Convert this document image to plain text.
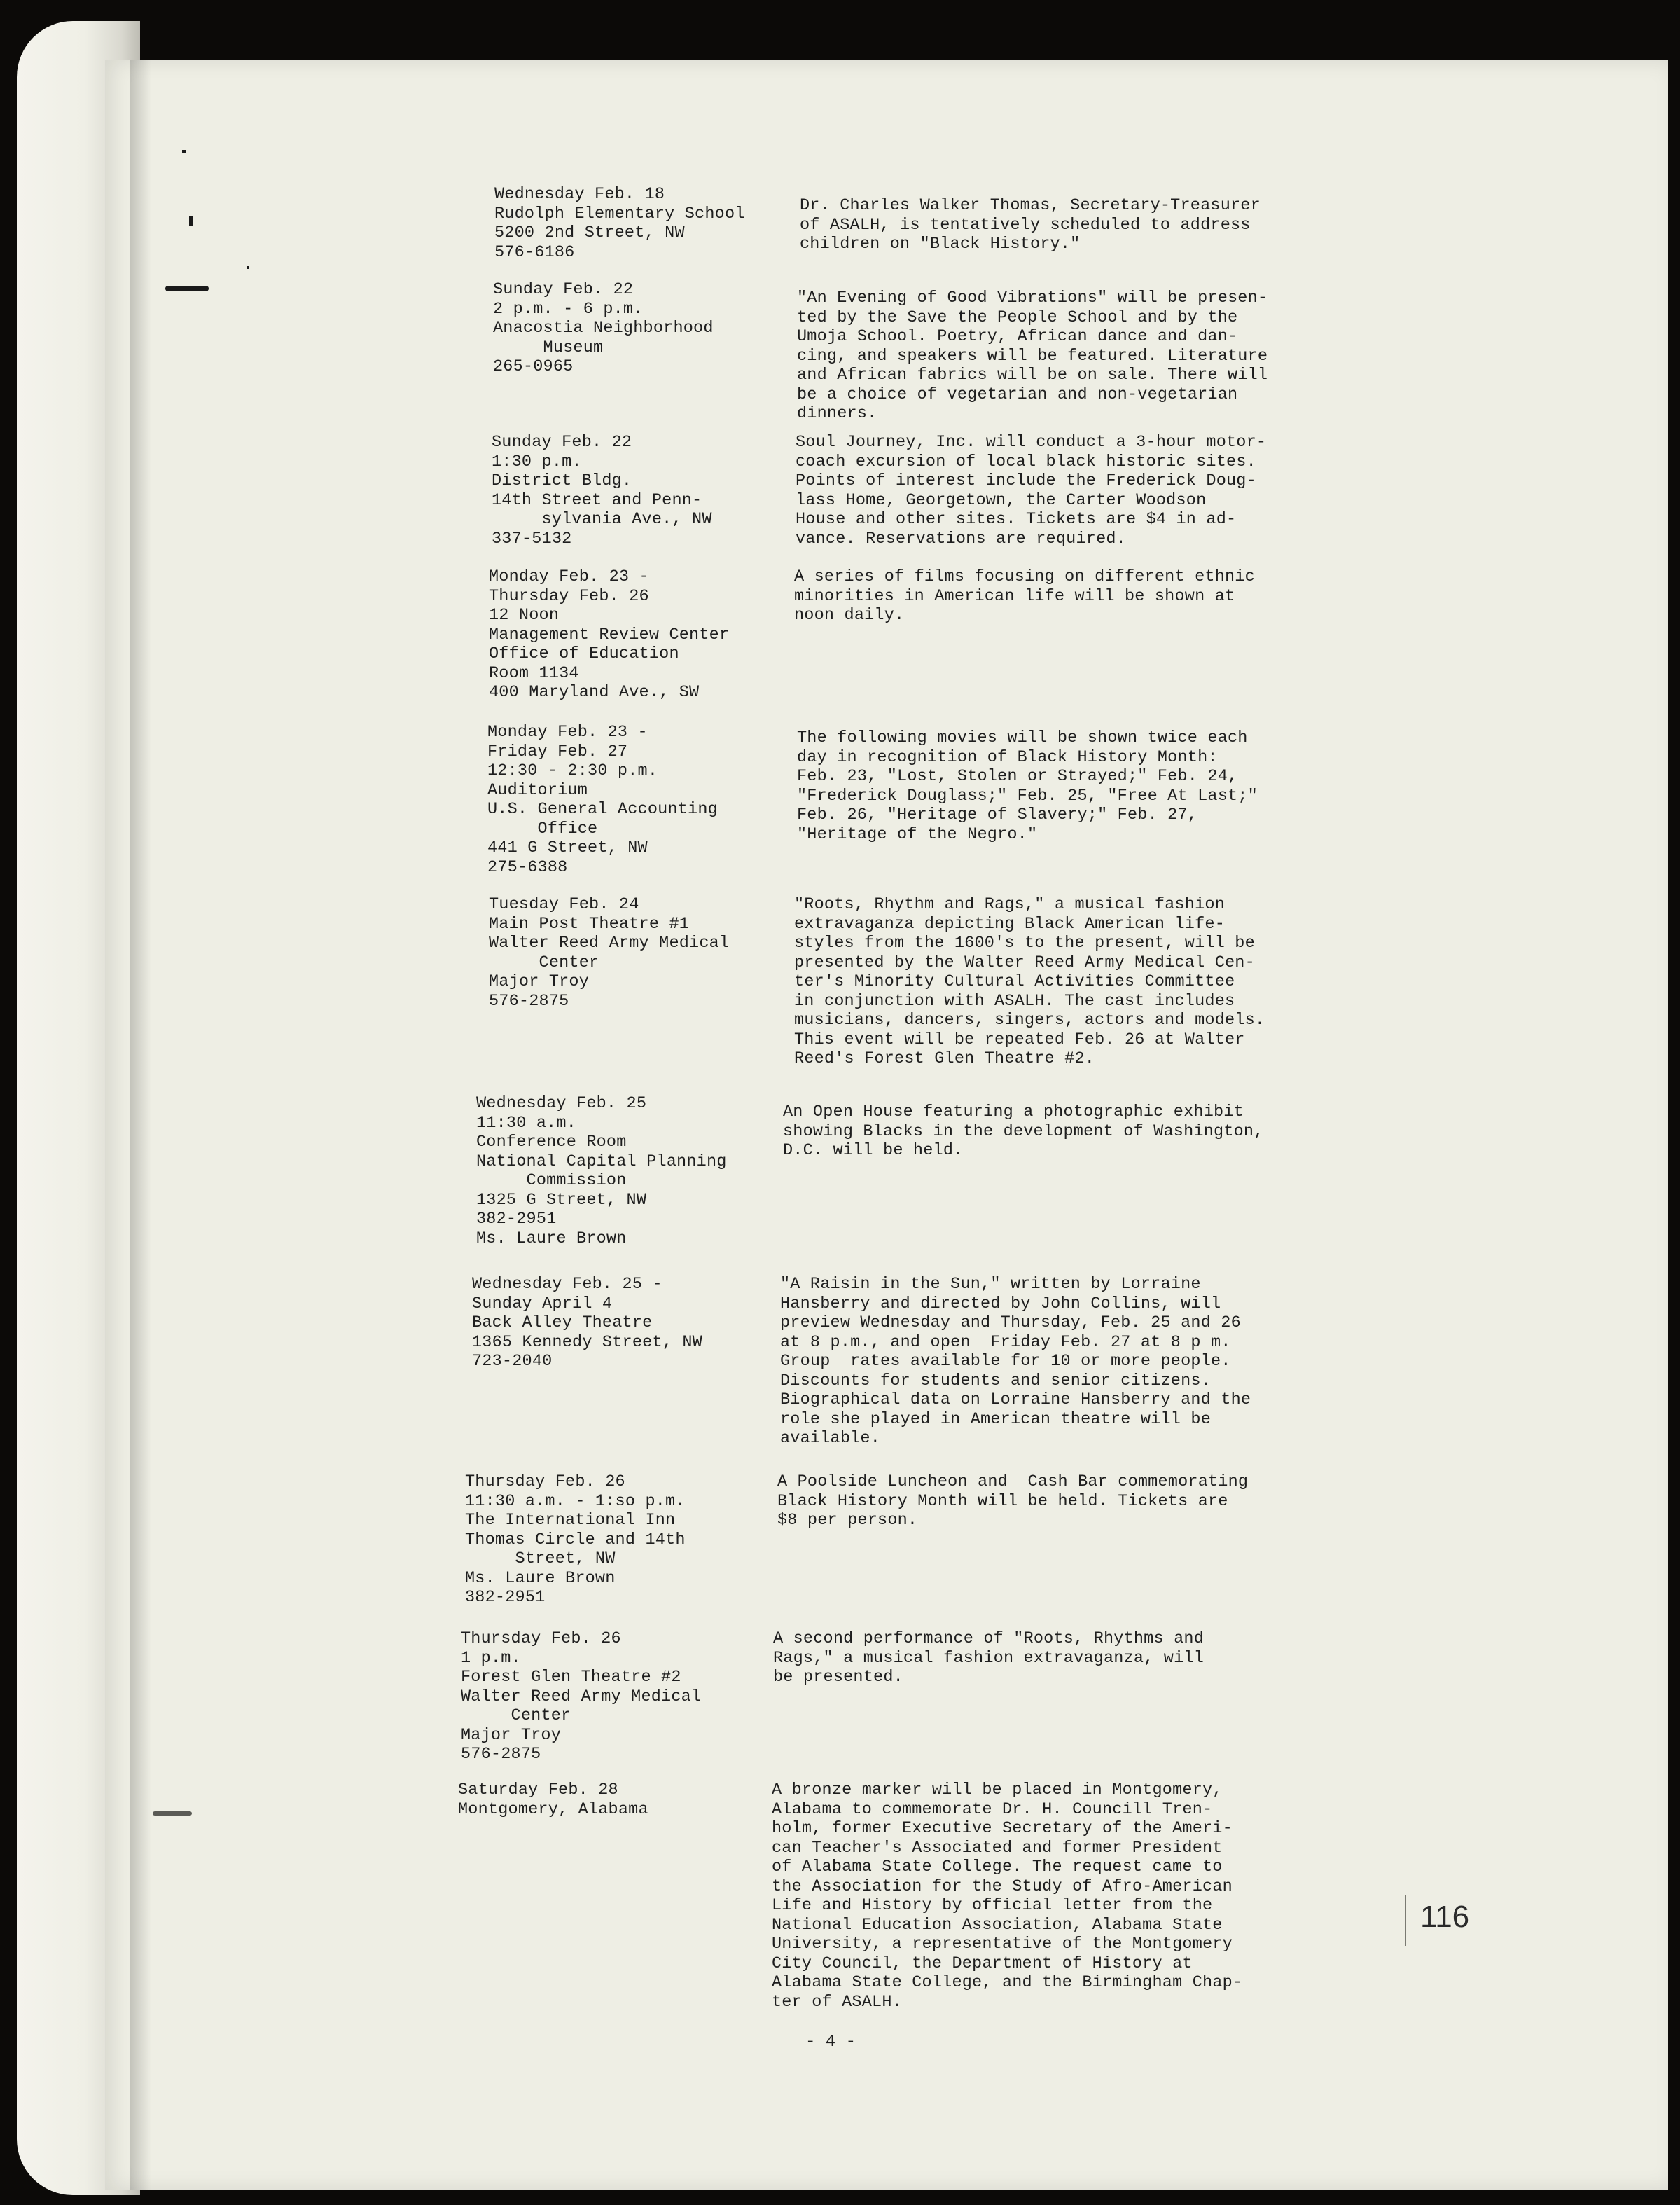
Wednesday Feb. 18
Rudolph Elementary School
5200 2nd Street, NW
576-6186
Dr. Charles Walker Thomas, Secretary-Treasurer
of ASALH, is tentatively scheduled to address
children on "Black History."
Sunday Feb. 22
2 p.m. - 6 p.m.
Anacostia Neighborhood
Museum
265-0965
"An Evening of Good Vibrations" will be presen-
ted by the Save the People School and by the
Umoja School. Poetry, African dance and dan-
cing, and speakers will be featured. Literature
and African fabrics will be on sale. There will
be a choice of vegetarian and non-vegetarian
dinners.
Sunday Feb. 22
1:30 p.m.
District Bldg.
14th Street and Penn-
sylvania Ave., NW
337-5132
Soul Journey, Inc. will conduct a 3-hour motor-
coach excursion of local black historic sites.
Points of interest include the Frederick Doug-
lass Home, Georgetown, the Carter Woodson
House and other sites. Tickets are $4 in ad-
vance. Reservations are required.
Monday Feb. 23 -
Thursday Feb. 26
12 Noon
Management Review Center
Office of Education
Room 1134
400 Maryland Ave., SW
A series of films focusing on different ethnic
minorities in American life will be shown at
noon daily.
Monday Feb. 23 -
Friday Feb. 27
12:30 - 2:30 p.m.
Auditorium
U.S. General Accounting
Office
441 G Street, NW
275-6388
The following movies will be shown twice each
day in recognition of Black History Month:
Feb. 23, "Lost, Stolen or Strayed;" Feb. 24,
"Frederick Douglass;" Feb. 25, "Free At Last;"
Feb. 26, "Heritage of Slavery;" Feb. 27,
"Heritage of the Negro."
Tuesday Feb. 24
Main Post Theatre #1
Walter Reed Army Medical
Center
Major Troy
576-2875
"Roots, Rhythm and Rags," a musical fashion
extravaganza depicting Black American life-
styles from the 1600's to the present, will be
presented by the Walter Reed Army Medical Cen-
ter's Minority Cultural Activities Committee
in conjunction with ASALH. The cast includes
musicians, dancers, singers, actors and models.
This event will be repeated Feb. 26 at Walter
Reed's Forest Glen Theatre #2.
Wednesday Feb. 25
11:30 a.m.
Conference Room
National Capital Planning
Commission
1325 G Street, NW
382-2951
Ms. Laure Brown
An Open House featuring a photographic exhibit
showing Blacks in the development of Washington,
D.C. will be held.
Wednesday Feb. 25 -
Sunday April 4
Back Alley Theatre
1365 Kennedy Street, NW
723-2040
"A Raisin in the Sun," written by Lorraine
Hansberry and directed by John Collins, will
preview Wednesday and Thursday, Feb. 25 and 26
at 8 p.m., and open  Friday Feb. 27 at 8 p m.
Group  rates available for 10 or more people.
Discounts for students and senior citizens.
Biographical data on Lorraine Hansberry and the
role she played in American theatre will be
available.
Thursday Feb. 26
11:30 a.m. - 1:so p.m.
The International Inn
Thomas Circle and 14th
Street, NW
Ms. Laure Brown
382-2951
A Poolside Luncheon and  Cash Bar commemorating
Black History Month will be held. Tickets are
$8 per person.
Thursday Feb. 26
1 p.m.
Forest Glen Theatre #2
Walter Reed Army Medical
Center
Major Troy
576-2875
A second performance of "Roots, Rhythms and
Rags," a musical fashion extravaganza, will
be presented.
Saturday Feb. 28
Montgomery, Alabama
A bronze marker will be placed in Montgomery,
Alabama to commemorate Dr. H. Councill Tren-
holm, former Executive Secretary of the Ameri-
can Teacher's Associated and former President
of Alabama State College. The request came to
the Association for the Study of Afro-American
Life and History by official letter from the
National Education Association, Alabama State
University, a representative of the Montgomery
City Council, the Department of History at
Alabama State College, and the Birmingham Chap-
ter of ASALH.
- 4 -
116
